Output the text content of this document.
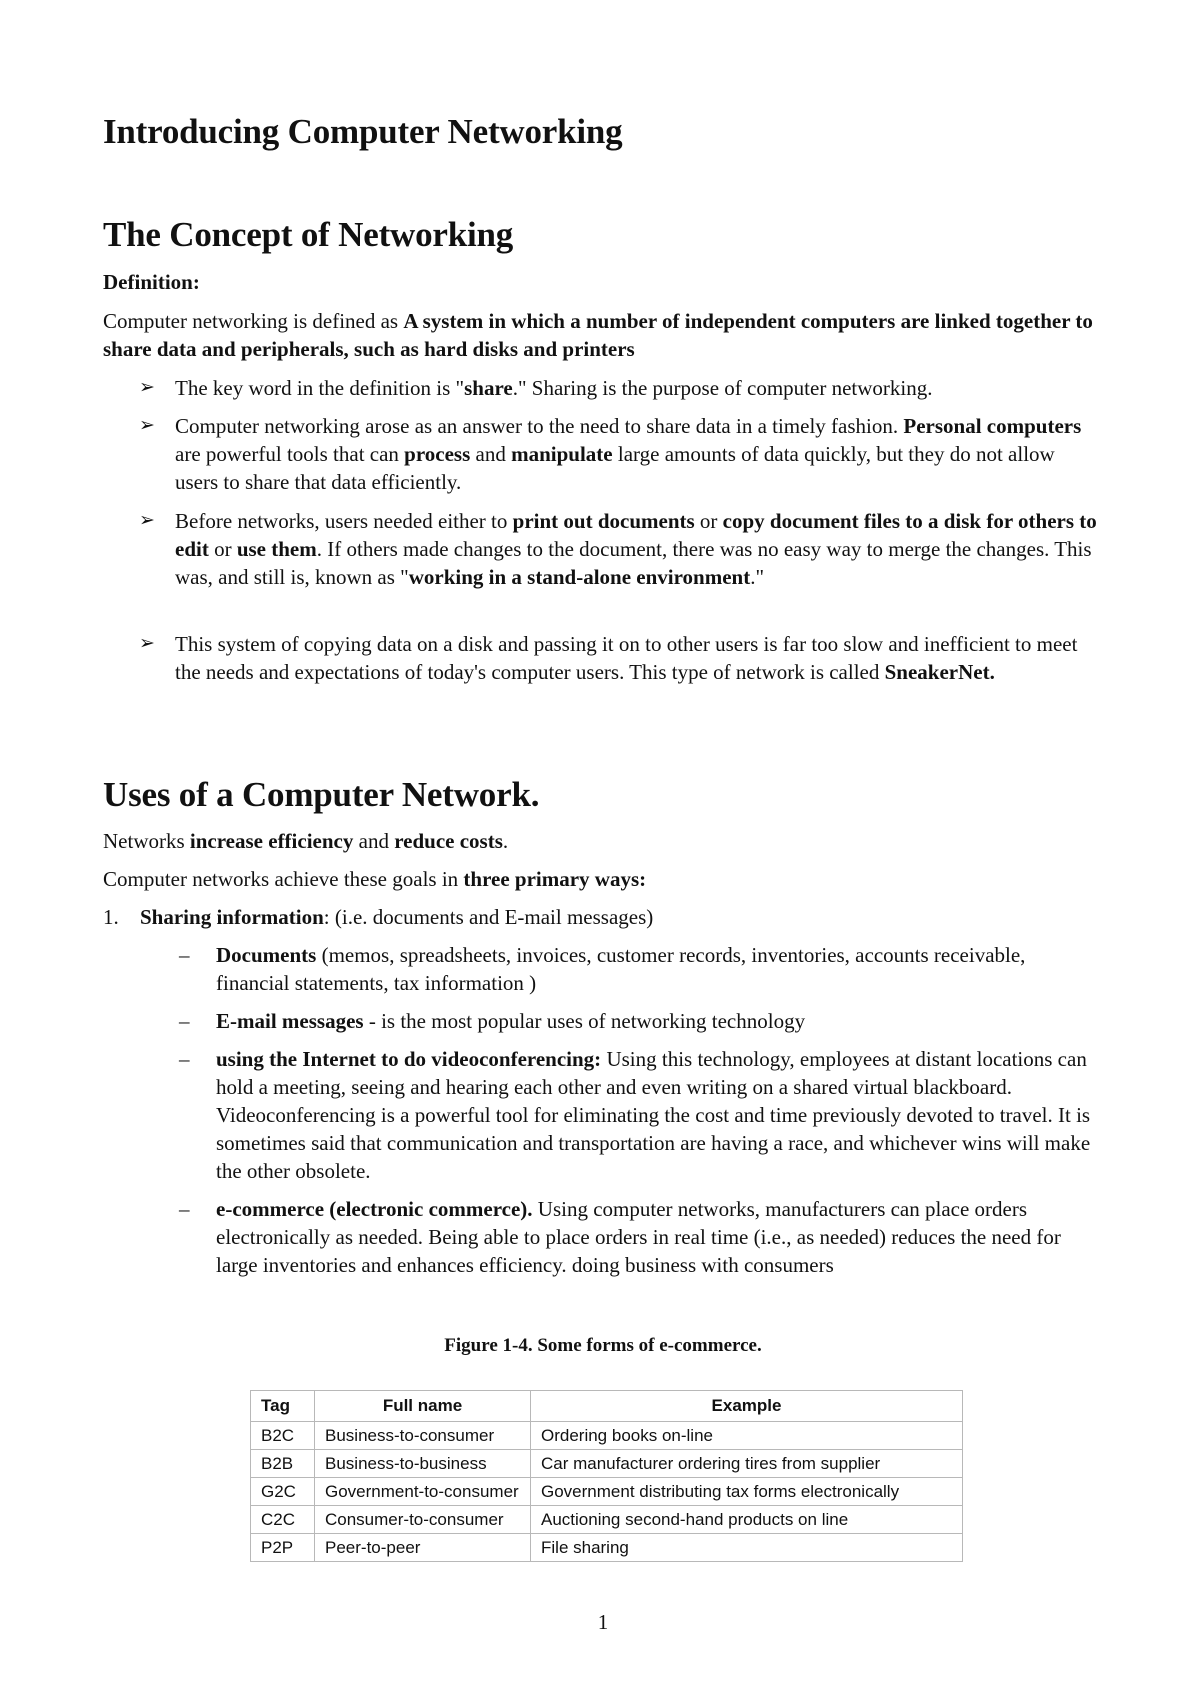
Introducing Computer Networking
The Concept of Networking

Definition:

Computer networking is defined as A system in which a number of independent computers are linked together to share data and peripherals, such as hard disks and printers

➢ The key word in the definition is "share." Sharing is the purpose of computer networking.
➢ Computer networking arose as an answer to the need to share data in a timely fashion. Personal computers are powerful tools that can process and manipulate large amounts of data quickly, but they do not allow users to share that data efficiently.
➢ Before networks, users needed either to print out documents or copy document files to a disk for others to edit or use them. If others made changes to the document, there was no easy way to merge the changes. This was, and still is, known as "working in a stand-alone environment."
➢ This system of copying data on a disk and passing it on to other users is far too slow and inefficient to meet the needs and expectations of today's computer users. This type of network is called SneakerNet.
Uses of a Computer Network.

Networks increase efficiency and reduce costs.

Computer networks achieve these goals in three primary ways:

1.	Sharing information: (i.e. documents and E-mail messages)
–	Documents (memos, spreadsheets, invoices, customer records, inventories, accounts receivable, financial statements, tax information )
–	E-mail messages - is the most popular uses of networking technology
–	using the Internet to do videoconferencing: Using this technology, employees at distant locations can hold a meeting, seeing and hearing each other and even writing on a shared virtual blackboard. Videoconferencing is a powerful tool for eliminating the cost and time previously devoted to travel. It is sometimes said that communication and transportation are having a race, and whichever wins will make the other obsolete.
–	e-commerce (electronic commerce). Using computer networks, manufacturers can place orders electronically as needed. Being able to place orders in real time (i.e., as needed) reduces the need for large inventories and enhances efficiency. doing business with consumers

Figure 1-4. Some forms of e-commerce.

Tag	Full name	Example
B2C	Business-to-consumer	Ordering books on-line
B2B	Business-to-business	Car manufacturer ordering tires from supplier
G2C	Government-to-consumer	Government distributing tax forms electronically
C2C	Consumer-to-consumer	Auctioning second-hand products on line
P2P	Peer-to-peer	File sharing

1
